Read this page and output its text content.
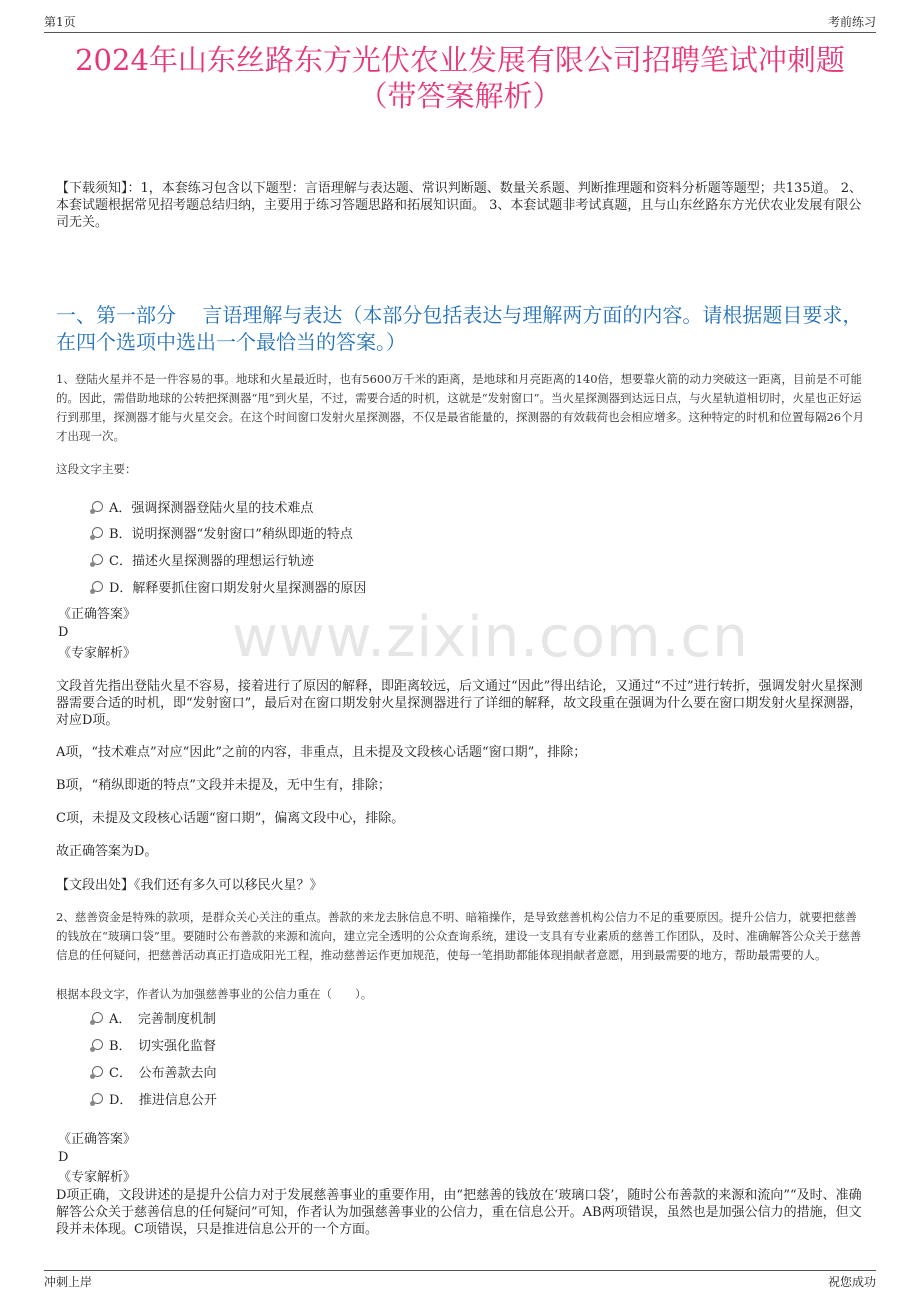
第1页	考前练习
2024年山东丝路东方光伏农业发展有限公司招聘笔试冲刺题
（带答案解析）
【下载须知】：1，本套练习包含以下题型：言语理解与表达题、常识判断题、数量关系题、判断推理题和资料分析题等题型；共135道。 2、本套试题根据常见招考题总结归纳，主要用于练习答题思路和拓展知识面。 3、本套试题非考试真题，且与山东丝路东方光伏农业发展有限公司无关。
一、第一部分　 言语理解与表达（本部分包括表达与理解两方面的内容。请根据题目要求，在四个选项中选出一个最恰当的答案。）
1、登陆火星并不是一件容易的事。地球和火星最近时，也有5600万千米的距离，是地球和月亮距离的140倍，想要靠火箭的动力突破这一距离，目前是不可能的。因此，需借助地球的公转把探测器“甩”到火星，不过，需要合适的时机，这就是“发射窗口”。当火星探测器到达远日点，与火星轨道相切时，火星也正好运行到那里，探测器才能与火星交会。在这个时间窗口发射火星探测器，不仅是最省能量的，探测器的有效载荷也会相应增多。这种特定的时机和位置每隔26个月才出现一次。
这段文字主要：
A．强调探测器登陆火星的技术难点
B．说明探测器“发射窗口”稍纵即逝的特点
C．描述火星探测器的理想运行轨迹
D．解释要抓住窗口期发射火星探测器的原因
www.zixin.com.cn
《正确答案》
D
《专家解析》
文段首先指出登陆火星不容易，接着进行了原因的解释，即距离较远，后文通过“因此”得出结论，又通过“不过”进行转折，强调发射火星探测器需要合适的时机，即“发射窗口”，最后对在窗口期发射火星探测器进行了详细的解释，故文段重在强调为什么要在窗口期发射火星探测器，对应D项。
A项，“技术难点”对应“因此”之前的内容，非重点，且未提及文段核心话题“窗口期”，排除；
B项，“稍纵即逝的特点”文段并未提及，无中生有，排除；
C项，未提及文段核心话题“窗口期”，偏离文段中心，排除。
故正确答案为D。
【文段出处】《我们还有多久可以移民火星？》
2、慈善资金是特殊的款项，是群众关心关注的重点。善款的来龙去脉信息不明、暗箱操作，是导致慈善机构公信力不足的重要原因。提升公信力，就要把慈善的钱放在“玻璃口袋”里。要随时公布善款的来源和流向，建立完全透明的公众查询系统，建设一支具有专业素质的慈善工作团队，及时、准确解答公众关于慈善信息的任何疑问，把慈善活动真正打造成阳光工程，推动慈善运作更加规范，使每一笔捐助都能体现捐献者意愿，用到最需要的地方，帮助最需要的人。
根据本段文字，作者认为加强慈善事业的公信力重在（　　）。
A．　完善制度机制
B．　切实强化监督
C．　公布善款去向
D．　推进信息公开
《正确答案》
D
《专家解析》
D项正确，文段讲述的是提升公信力对于发展慈善事业的重要作用，由“把慈善的钱放在‘玻璃口袋’，随时公布善款的来源和流向”“及时、准确解答公众关于慈善信息的任何疑问”可知，作者认为加强慈善事业的公信力，重在信息公开。AB两项错误，虽然也是加强公信力的措施，但文段并未体现。C项错误，只是推进信息公开的一个方面。
冲刺上岸	祝您成功
